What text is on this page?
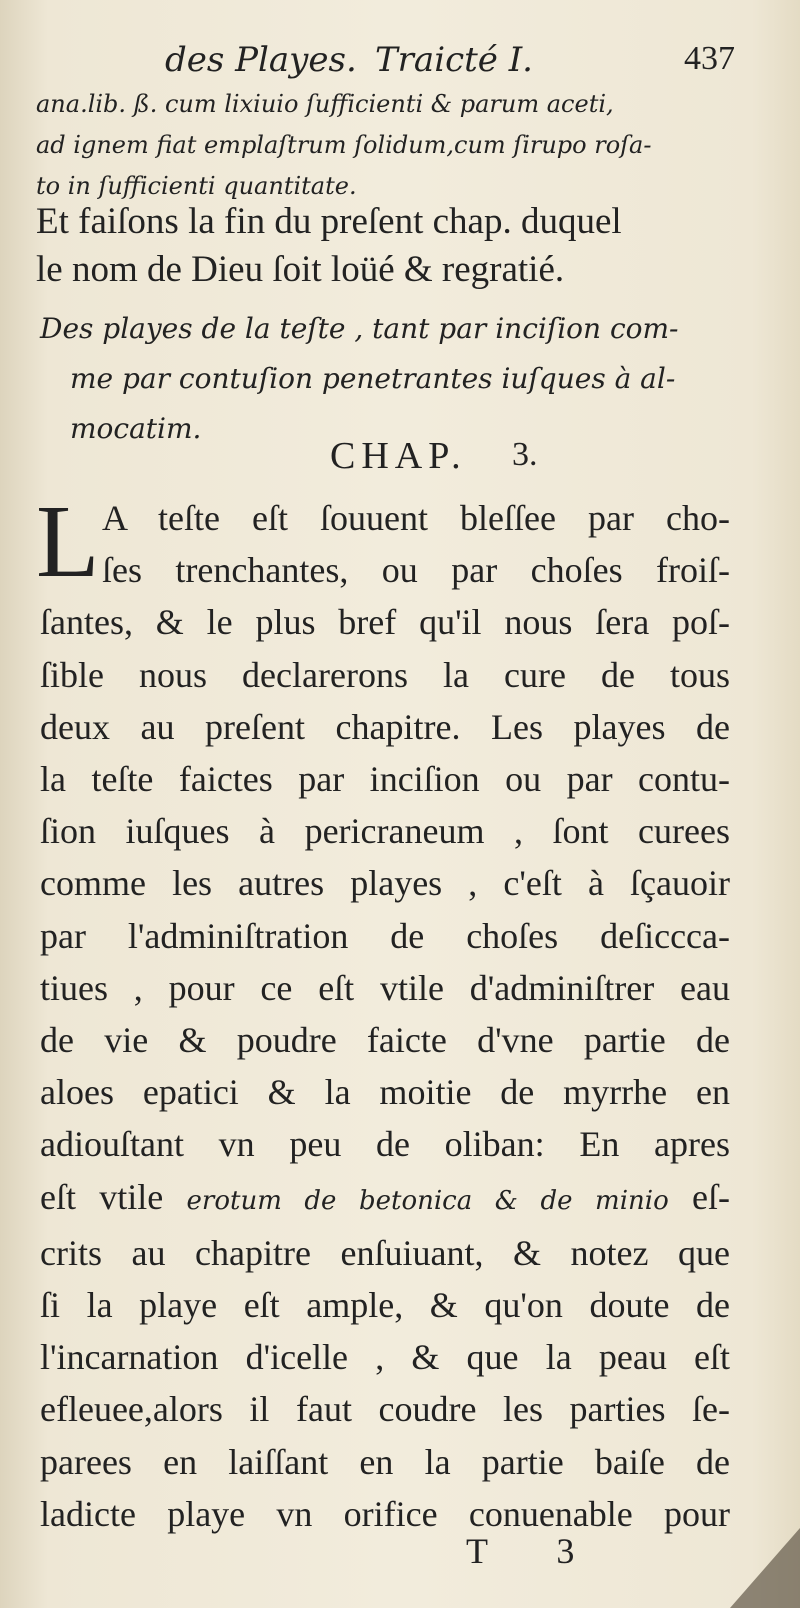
des Playes. Traicté I.	437
ana.lib. ß. cum lixiuio ſufficienti & parum aceti,
ad ignem fiat emplaſtrum ſolidum,cum ſirupo roſa-
to in ſufficienti quantitate.
Et faiſons la fin du preſent chap. duquel
le nom de Dieu ſoit loüé & regratié.
Des playes de la teſte , tant par inciſion com-
me par contuſion penetrantes iuſques à al-
mocatim.
CHAP. 3.
L A teſte eſt ſouuent bleſſee par cho-
ſes trenchantes, ou par choſes froiſ-
ſantes, & le plus bref qu'il nous ſera poſ-
ſible nous declarerons la cure de tous
deux au preſent chapitre. Les playes de
la teſte faictes par inciſion ou par contu-
ſion iuſques à pericraneum , ſont curees
comme les autres playes , c'eſt à ſçauoir
par l'adminiſtration de choſes deſiccca-
tiues , pour ce eſt vtile d'adminiſtrer eau
de vie & poudre faicte d'vne partie de
aloes epatici & la moitie de myrrhe en
adiouſtant vn peu de oliban: En apres
eſt vtile erotum de betonica & de minio eſ-
crits au chapitre enſuiuant, & notez que
ſi la playe eſt ample, & qu'on doute de
l'incarnation d'icelle , & que la peau eſt
efleuee,alors il faut coudre les parties ſe-
parees en laiſſant en la partie baiſe de
ladicte playe vn orifice conuenable pour
T 3
